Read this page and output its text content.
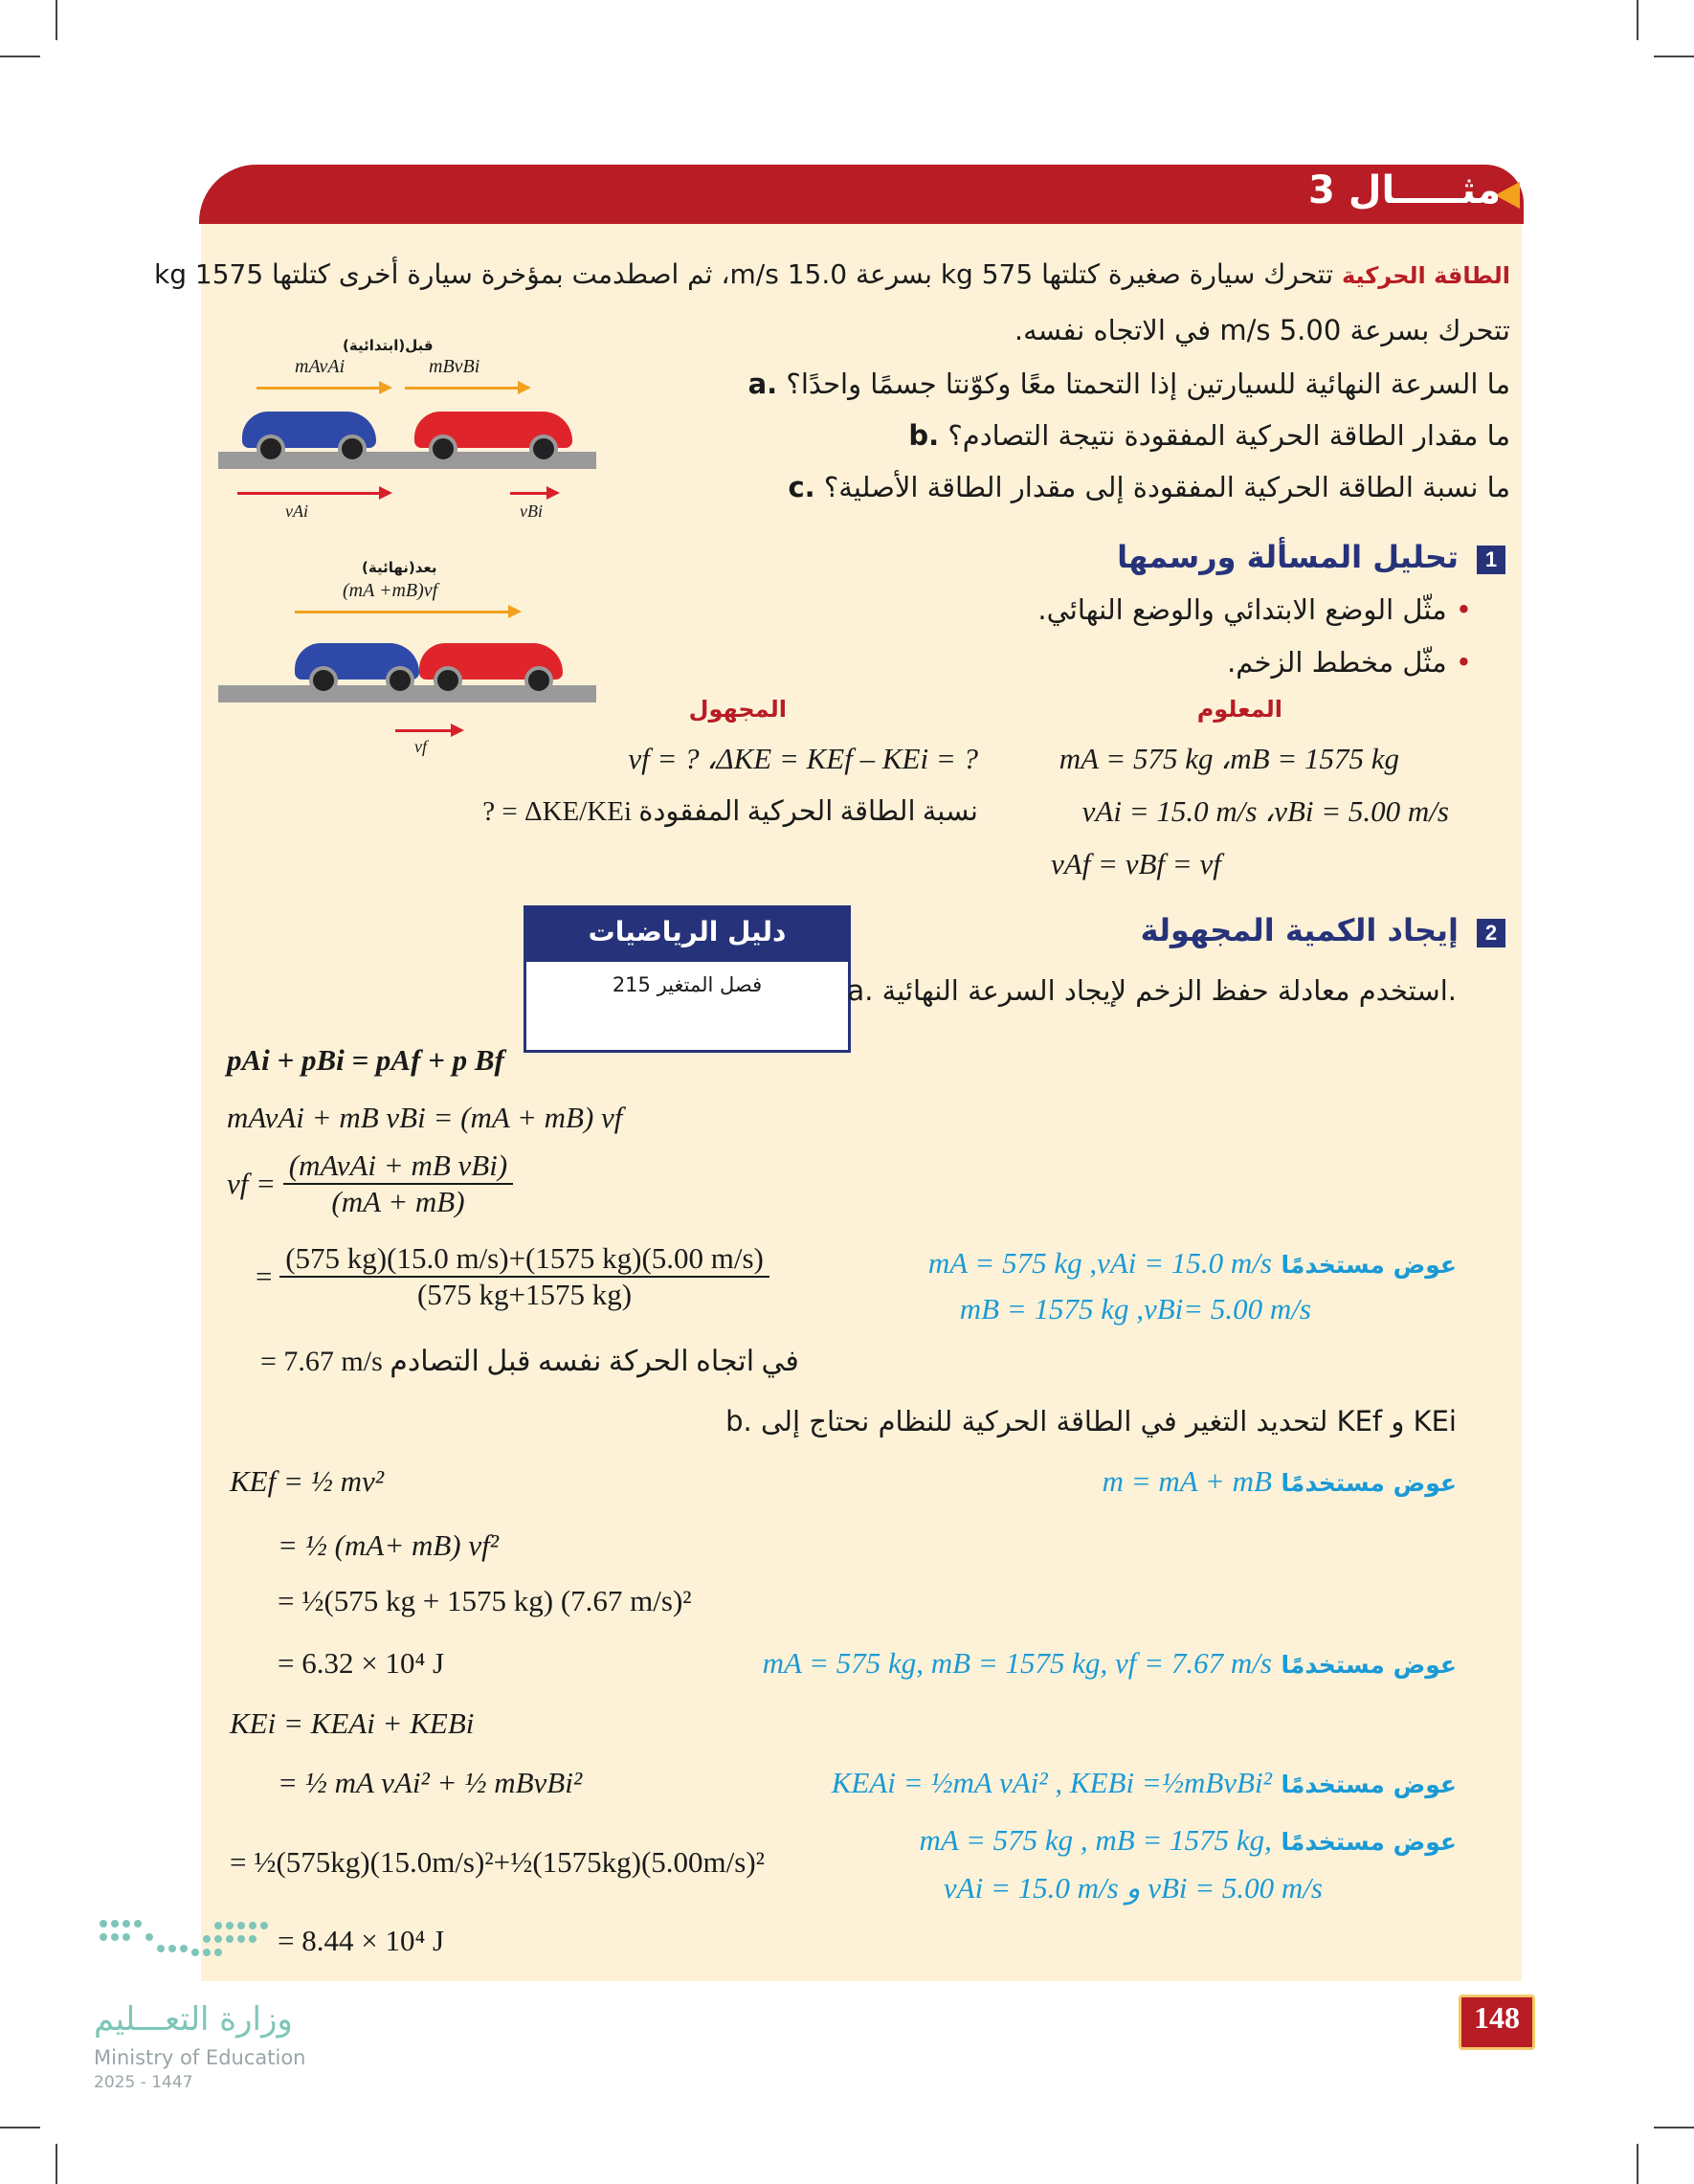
مثـــــال 3
الطاقة الحركية تتحرك سيارة صغيرة كتلتها 575 kg بسرعة 15.0 m/s، ثم اصطدمت بمؤخرة سيارة أخرى كتلتها 1575 kg
تتحرك بسرعة 5.00 m/s في الاتجاه نفسه.
a. ما السرعة النهائية للسيارتين إذا التحمتا معًا وكوّنتا جسمًا واحدًا؟
b. ما مقدار الطاقة الحركية المفقودة نتيجة التصادم؟
c. ما نسبة الطاقة الحركية المفقودة إلى مقدار الطاقة الأصلية؟
قبل(ابتدائية)
mAvAi	mBvBi
vAi	vBi
بعد(نهائية)
(mA +mB)vf
vf
1
تحليل المسألة ورسمها
• مثّل الوضع الابتدائي والوضع النهائي.
• مثّل مخطط الزخم.
المعلوم
المجهول
mA = 575 kg ،mB = 1575 kg
vAi = 15.0 m/s ،vBi = 5.00 m/s
vAf = vBf = vf
vf = ? ،ΔKE = KEf – KEi = ?
نسبة الطاقة الحركية المفقودة ΔKE/KEi = ?
دليل الرياضيات
فصل المتغير 215
2
إيجاد الكمية المجهولة
a. استخدم معادلة حفظ الزخم لإيجاد السرعة النهائية.
pAi + pBi = pAf + p Bf
mAvAi + mB vBi = (mA + mB) vf
vf = $\frac{\text{(mAvAi + mB vBi)}}{(mA + mB)}$
= $\frac{(575 kg)(15.0 m/s)+(1575 kg)(5.00 m/s)}{(575 kg+1575 kg)}$
= 7.67 m/s في اتجاه الحركة نفسه قبل التصادم
عوض مستخدمًا mA = 575 kg ,vAi = 15.0 m/s
mB = 1575 kg ,vBi= 5.00 m/s
b. لتحديد التغير في الطاقة الحركية للنظام نحتاج إلى KEf و KEi
KEf = ½ mv²
= ½ (mA+ mB) vf²
= ½(575 kg + 1575 kg) (7.67 m/s)²
= 6.32 × 10⁴ J
عوض مستخدمًا m = mA + mB
عوض مستخدمًا mA = 575 kg, mB = 1575 kg, vf = 7.67 m/s
KEi = KEAi + KEBi
= ½ mA vAi² + ½ mBvBi²
= ½(575kg)(15.0m/s)²+½(1575kg)(5.00m/s)²
= 8.44 × 10⁴ J
عوض مستخدمًا KEAi = ½mA vAi² , KEBi =½mBvBi²
عوض مستخدمًا mA = 575 kg , mB = 1575 kg,
vAi = 15.0 m/s و vBi = 5.00 m/s
وزارة التعـــليم
Ministry of Education
2025 - 1447
148
